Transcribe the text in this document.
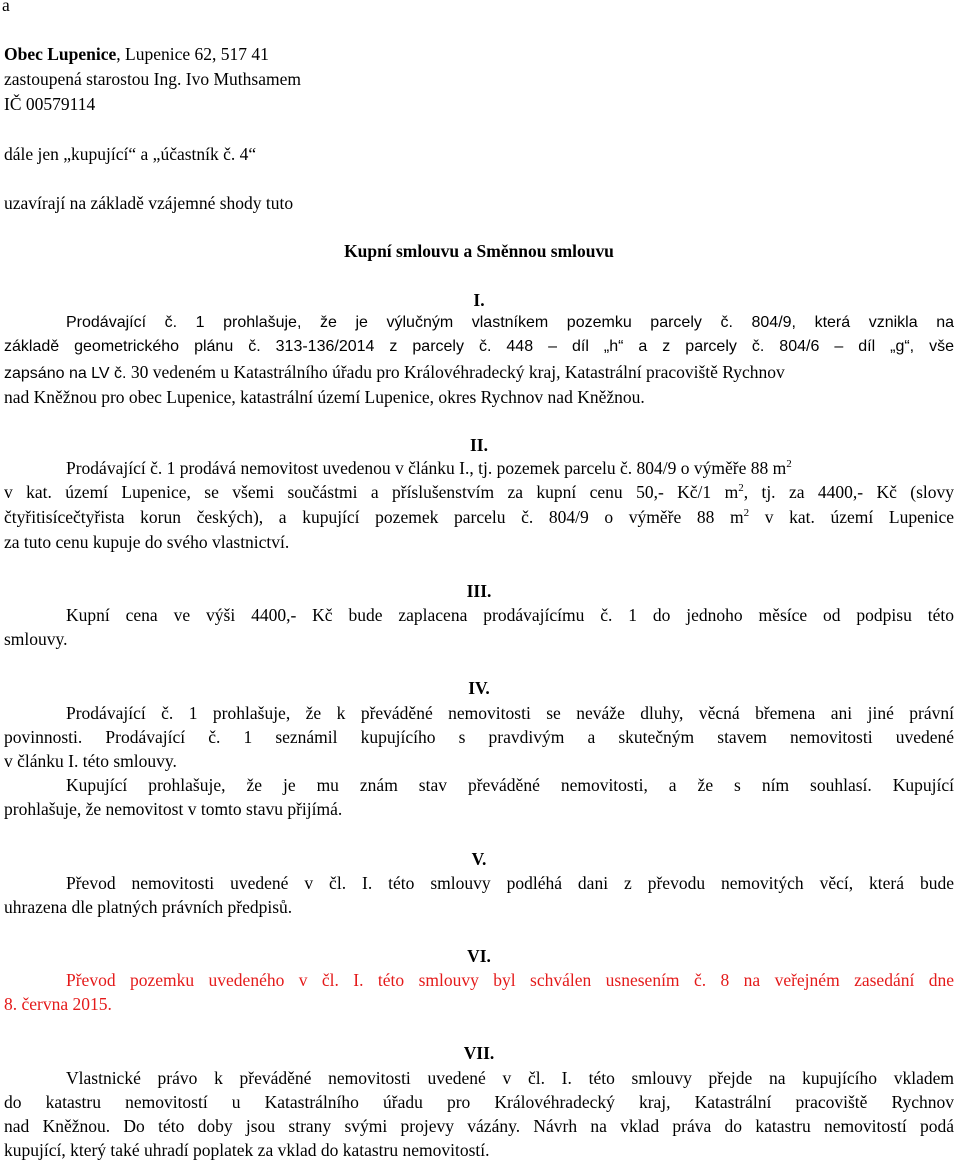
a
Obec Lupenice, Lupenice 62, 517 41
zastoupená starostou Ing. Ivo Muthsamem
IČ 00579114
dále jen „kupující“ a „účastník č. 4“
uzavírají na základě vzájemné shody tuto
Kupní smlouvu a Směnnou smlouvu
I.
Prodávající č. 1 prohlašuje, že je výlučným vlastníkem pozemku parcely č. 804/9, která vznikla na
základě geometrického plánu č. 313-136/2014 z parcely č. 448 – díl „h“ a z parcely č. 804/6 – díl „g“, vše
zapsáno na LV č. 30 vedeném u Katastrálního úřadu pro Královéhradecký kraj, Katastrální pracoviště Rychnov
nad Kněžnou pro obec Lupenice, katastrální území Lupenice, okres Rychnov nad Kněžnou.
II.
Prodávající č. 1 prodává nemovitost uvedenou v článku I., tj. pozemek parcelu č. 804/9 o výměře 88 $m^2$
v kat. území Lupenice, se všemi součástmi a příslušenstvím za kupní cenu 50,- Kč/1 $m^2$, tj. za 4400,- Kč (slovy
čtyřitisícečtyřista korun českých), a kupující pozemek parcelu č. 804/9 o výměře 88 $m^2$ v kat. území Lupenice
za tuto cenu kupuje do svého vlastnictví.
III.
Kupní cena ve výši 4400,- Kč bude zaplacena prodávajícímu č. 1 do jednoho měsíce od podpisu této
smlouvy.
IV.
Prodávající č. 1 prohlašuje, že k převáděné nemovitosti se neváže dluhy, věcná břemena ani jiné právní
povinnosti. Prodávající č. 1 seznámil kupujícího s pravdivým a skutečným stavem nemovitosti uvedené
v článku I. této smlouvy.
Kupující prohlašuje, že je mu znám stav převáděné nemovitosti, a že s ním souhlasí. Kupující
prohlašuje, že nemovitost v tomto stavu přijímá.
V.
Převod nemovitosti uvedené v čl. I. této smlouvy podléhá dani z převodu nemovitých věcí, která bude
uhrazena dle platných právních předpisů.
VI.
Převod pozemku uvedeného v čl. I. této smlouvy byl schválen usnesením č. 8 na veřejném zasedání dne
8. června 2015.
VII.
Vlastnické právo k převáděné nemovitosti uvedené v čl. I. této smlouvy přejde na kupujícího vkladem
do katastru nemovitostí u Katastrálního úřadu pro Královéhradecký kraj, Katastrální pracoviště Rychnov
nad Kněžnou. Do této doby jsou strany svými projevy vázány. Návrh na vklad práva do katastru nemovitostí podá
kupující, který také uhradí poplatek za vklad do katastru nemovitostí.
